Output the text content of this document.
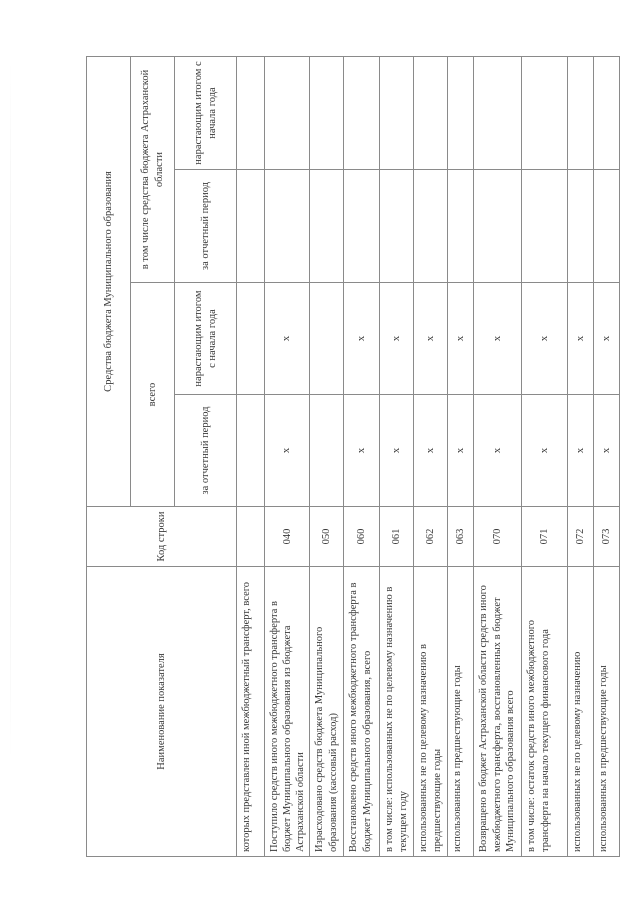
Наименование показателя	Код строки	Средства бюджета Муниципального образования			
		всего		в том числе средства бюджета Астраханской области	
		за отчетный период	нарастающим итогом с начала года	за отчетный период	нарастающим итогом с начала года
которых представлен иной межбюджетный трансферт, всего					
Поступило средств иного межбюджетного трансферта в бюджет Муниципального образования из бюджета Астраханской области	040	x	x		
Израсходовано средств бюджета Муниципального образования (кассовый расход)	050				
Восстановлено средств иного межбюджетного трансферта в бюджет Муниципального образования, всего	060	x	x		
в том числе: использованных не по целевому назначению в текущем году	061	x	x		
использованных не по целевому назначению в предшествующие годы	062	x	x		
использованных в предшествующие годы	063	x	x		
Возвращено в бюджет Астраханской области средств иного межбюджетного трансферта, восстановленных в бюджет Муниципального образования всего	070	x	x		
в том числе: остаток средств иного межбюджетного трансферта на начало текущего финансового года	071	x	x		
использованных не по целевому назначению	072	x	x		
использованных в предшествующие годы	073	x	x		
